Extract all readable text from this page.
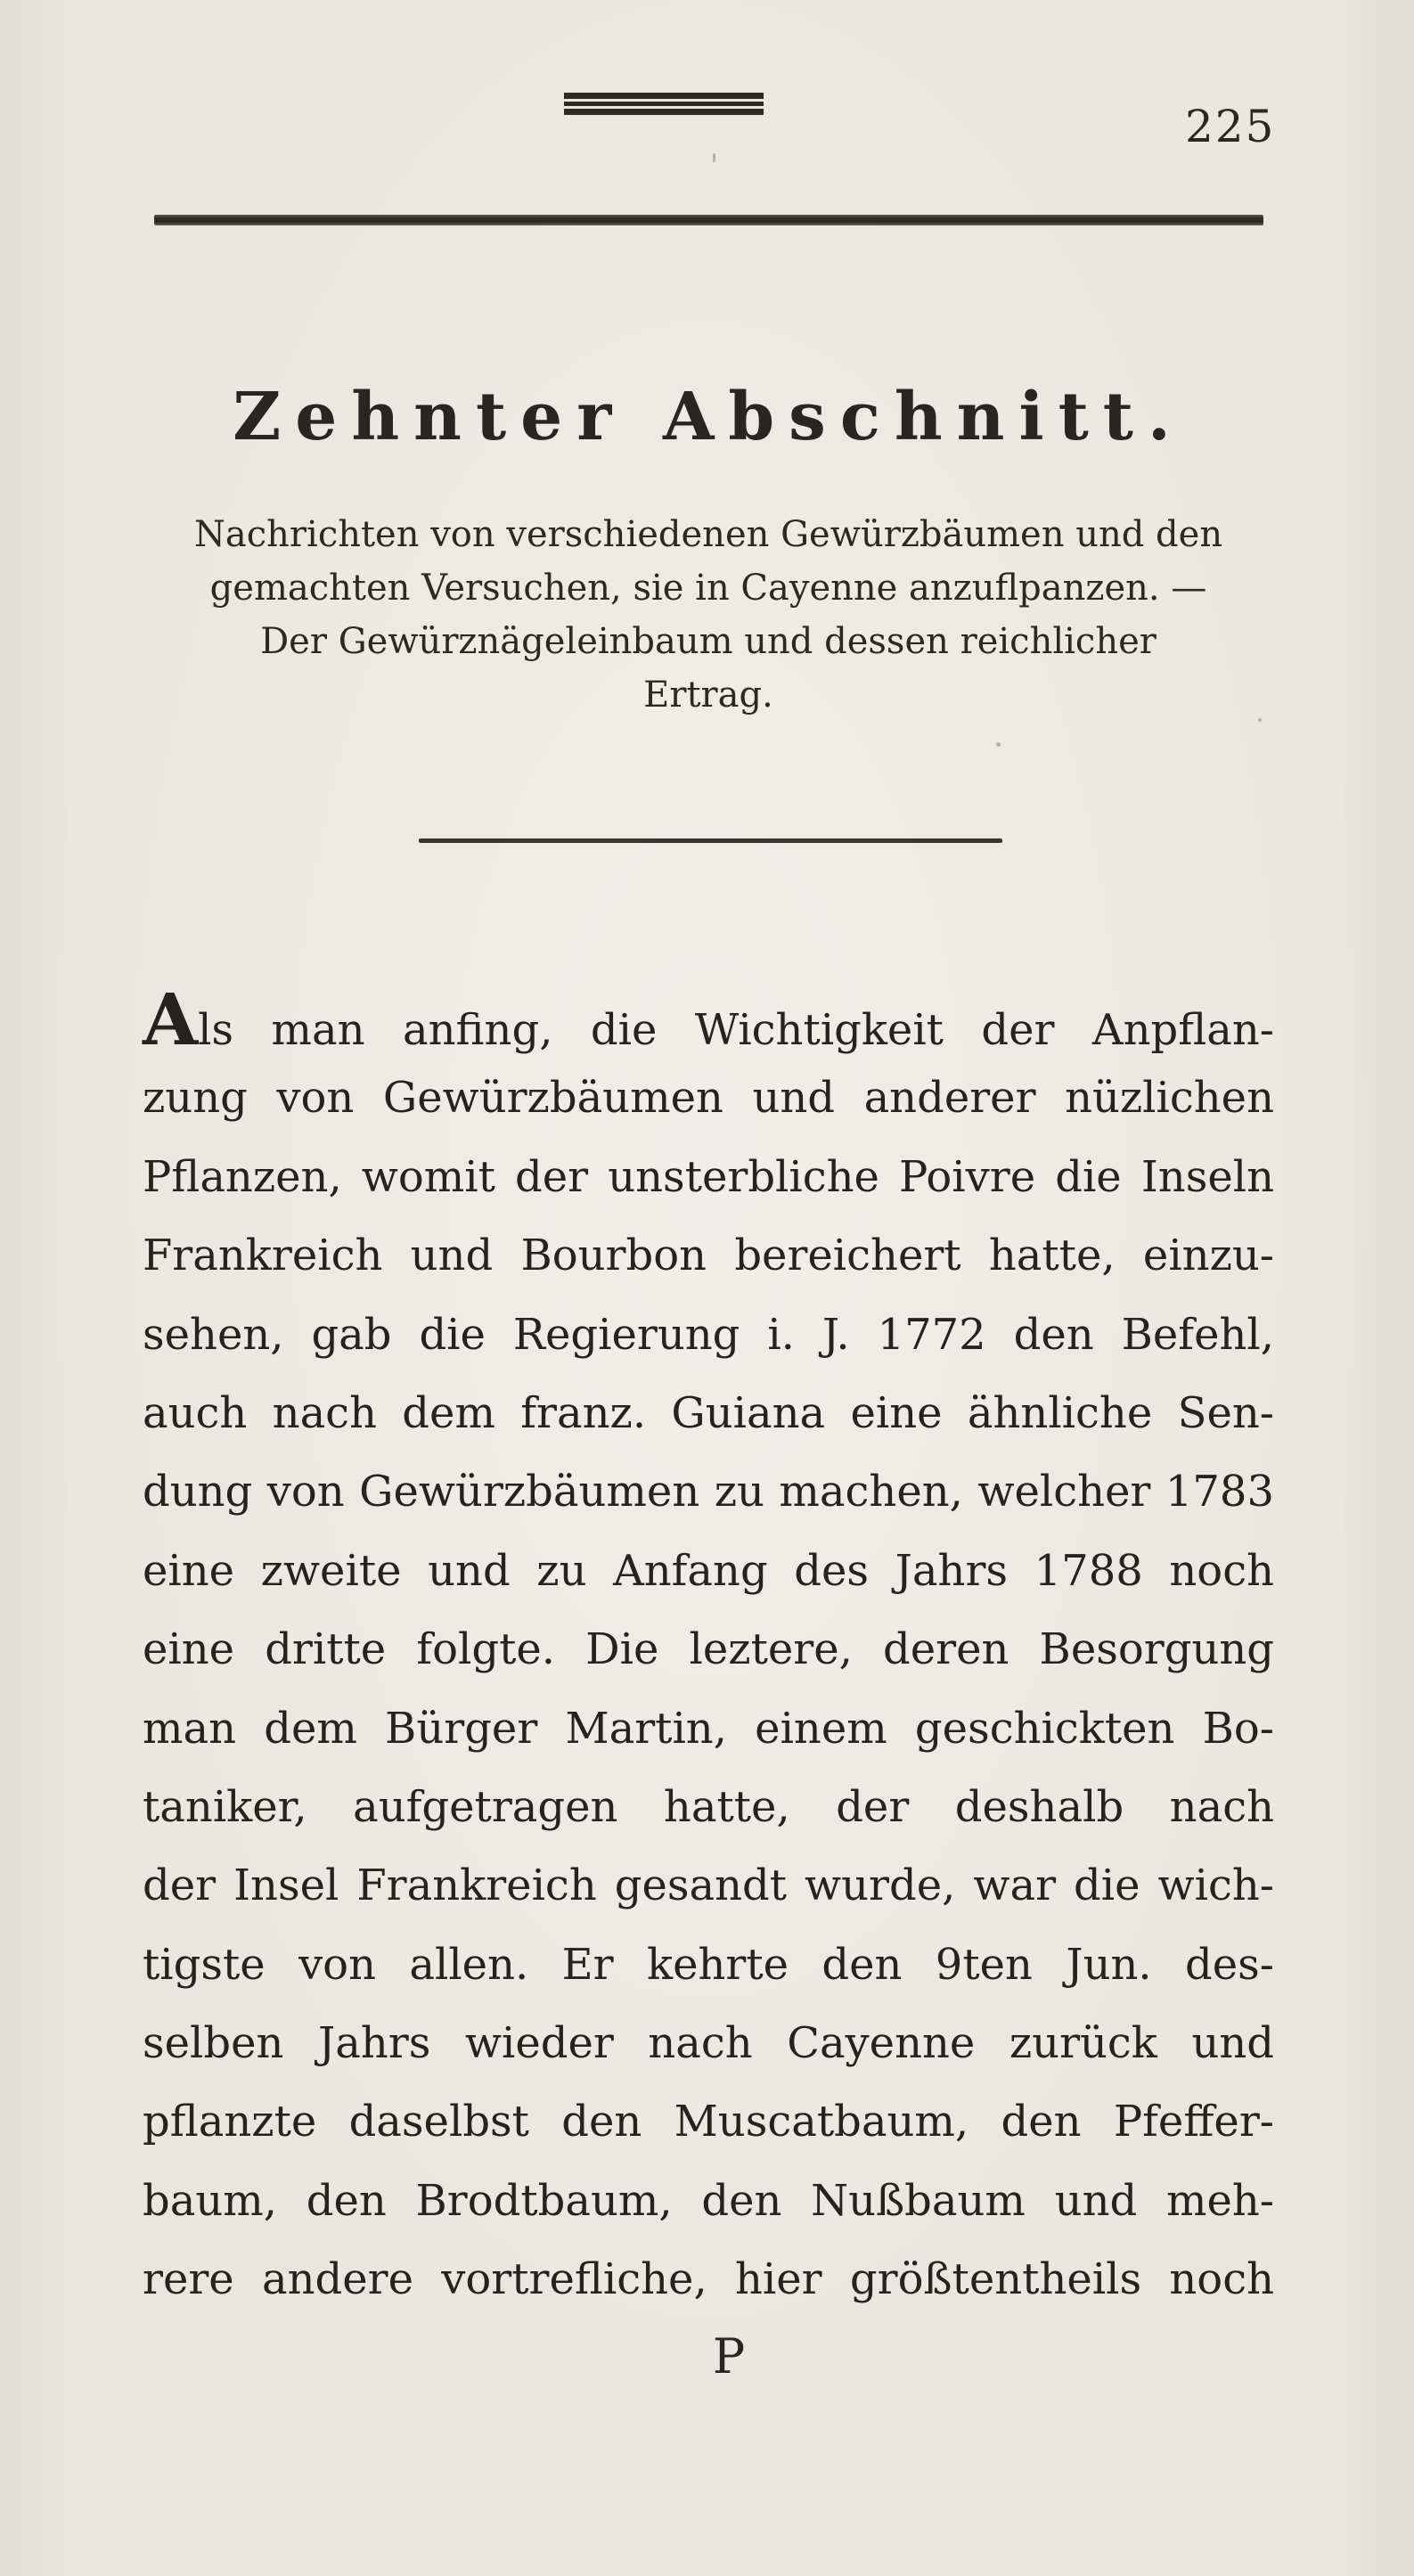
225
Zehnter Abschnitt.
Nachrichten von verschiedenen Gewürzbäumen und den
gemachten Versuchen, sie in Cayenne anzuflpanzen. —
Der Gewürznägeleinbaum und dessen reichlicher
Ertrag.
Als man anfing, die Wichtigkeit der Anpflan-
zung von Gewürzbäumen und anderer nüzlichen
Pflanzen, womit der unsterbliche Poivre die Inseln
Frankreich und Bourbon bereichert hatte, einzu-
sehen, gab die Regierung i. J. 1772 den Befehl,
auch nach dem franz. Guiana eine ähnliche Sen-
dung von Gewürzbäumen zu machen, welcher 1783
eine zweite und zu Anfang des Jahrs 1788 noch
eine dritte folgte. Die leztere, deren Besorgung
man dem Bürger Martin, einem geschickten Bo-
taniker, aufgetragen hatte, der deshalb nach
der Insel Frankreich gesandt wurde, war die wich-
tigste von allen. Er kehrte den 9ten Jun. des-
selben Jahrs wieder nach Cayenne zurück und
pflanzte daselbst den Muscatbaum, den Pfeffer-
baum, den Brodtbaum, den Nußbaum und meh-
rere andere vortrefliche, hier größtentheils noch
P
